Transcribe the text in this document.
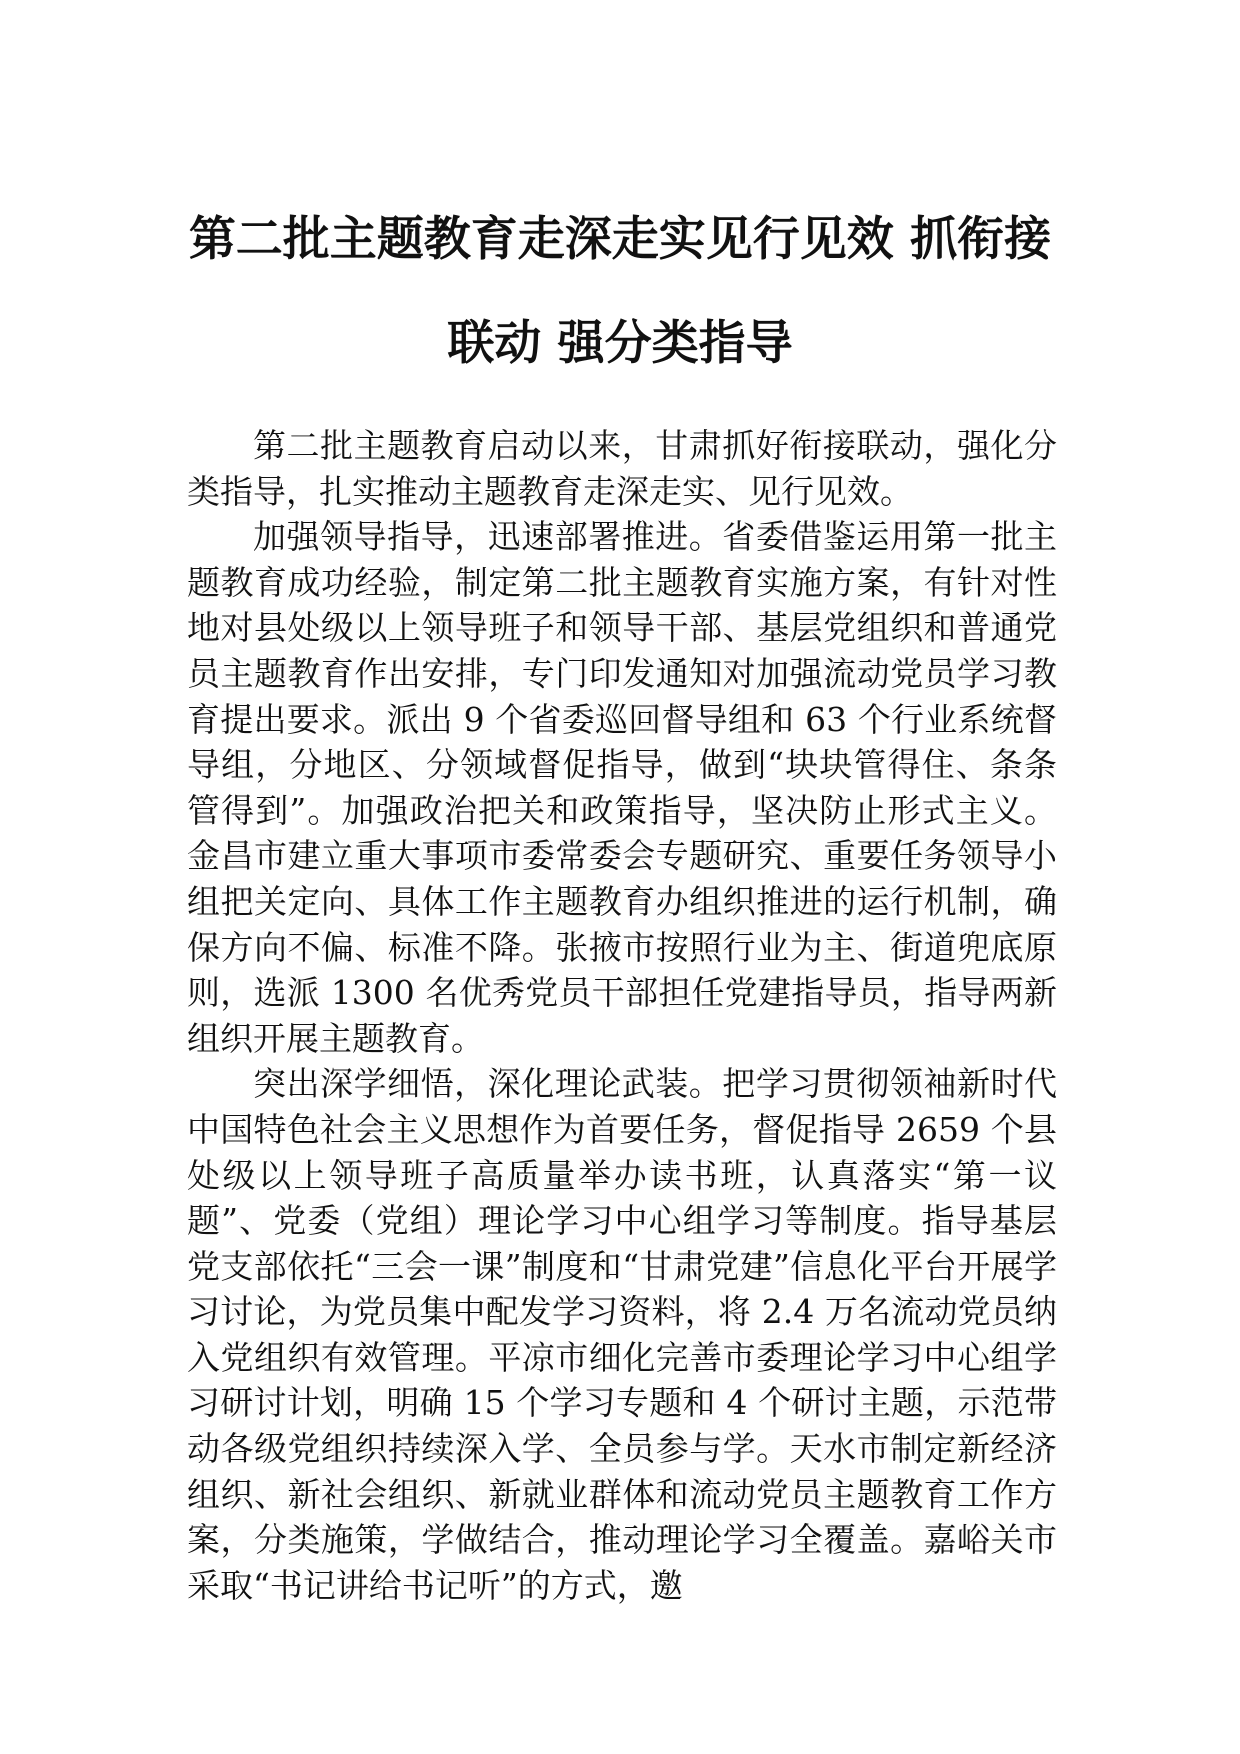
第二批主题教育走深走实见行见效 抓衔接联动 强分类指导

第二批主题教育启动以来，甘肃抓好衔接联动，强化分类指导，扎实推动主题教育走深走实、见行见效。

加强领导指导，迅速部署推进。省委借鉴运用第一批主题教育成功经验，制定第二批主题教育实施方案，有针对性地对县处级以上领导班子和领导干部、基层党组织和普通党员主题教育作出安排，专门印发通知对加强流动党员学习教育提出要求。派出 9 个省委巡回督导组和 63 个行业系统督导组，分地区、分领域督促指导，做到“块块管得住、条条管得到”。加强政治把关和政策指导，坚决防止形式主义。金昌市建立重大事项市委常委会专题研究、重要任务领导小组把关定向、具体工作主题教育办组织推进的运行机制，确保方向不偏、标准不降。张掖市按照行业为主、街道兜底原则，选派 1300 名优秀党员干部担任党建指导员，指导两新组织开展主题教育。

突出深学细悟，深化理论武装。把学习贯彻领袖新时代中国特色社会主义思想作为首要任务，督促指导 2659 个县处级以上领导班子高质量举办读书班，认真落实“第一议题”、党委（党组）理论学习中心组学习等制度。指导基层党支部依托“三会一课”制度和“甘肃党建”信息化平台开展学习讨论，为党员集中配发学习资料，将 2.4 万名流动党员纳入党组织有效管理。平凉市细化完善市委理论学习中心组学习研讨计划，明确 15 个学习专题和 4 个研讨主题，示范带动各级党组织持续深入学、全员参与学。天水市制定新经济组织、新社会组织、新就业群体和流动党员主题教育工作方案，分类施策，学做结合，推动理论学习全覆盖。嘉峪关市采取“书记讲给书记听”的方式，邀
